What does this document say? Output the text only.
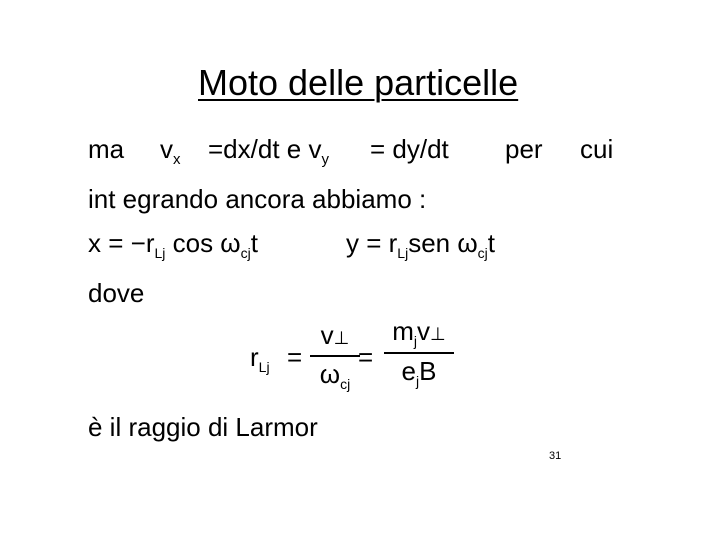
Moto delle particelle
ma $v_x =dx/dt$ e $v_y = dy/dt$ per cui
int egrando ancora abbiamo :
$x = -r_{Lj}$ $\cos \omega_{cj}t$	$y = r_{Lj}sen$ $\omega_{cj}t$
dove
$r_{Lj}$ =
v⊥
$\omega_{cj}$
=
$m_jv\perp$
$e_jB$
è il raggio di Larmor
31
